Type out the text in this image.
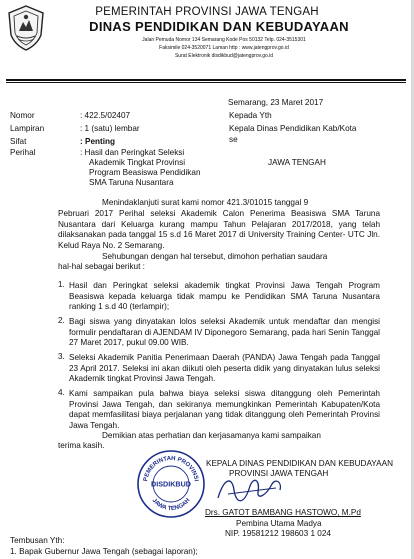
PEMERINTAH PROVINSI JAWA TENGAH
DINAS PENDIDIKAN DAN KEBUDAYAAN
Jalan Pemuda Nomor 134 Semarang Kode Pos 50132 Telp. 024-3515301
Faksimile 024-3520071 Laman http : www.jatengprov.go.id
Surat Elektronik disdikbud@jatengprov.go.id
Semarang, 23 Maret 2017
Nomor	: 422.5/02407
Lampiran	: 1 (satu) lembar
Sifat	: Penting
Perihal	: Hasil dan Peringkat Seleksi
Akademik Tingkat Provinsi
Program Beasiswa Pendidikan
SMA Taruna Nusantara
Kepada Yth
Kepala Dinas Pendidikan Kab/Kota
se
JAWA TENGAH
Menindaklanjuti surat kami nomor 421.3/01015 tanggal 9
Pebruari 2017 Perihal seleksi Akademik Calon Penerima Beasiswa SMA Taruna Nusantara dari Keluarga kurang mampu Tahun Pelajaran 2017/2018, yang telah dilaksanakan pada tanggal 15 s.d 16 Maret 2017 di University Training Center- UTC Jln. Kelud Raya No. 2 Semarang.
Sehubungan dengan hal tersebut, dimohon perhatian saudara
hal-hal sebagai berikut :
1. Hasil dan Peringkat seleksi akademik tingkat Provinsi Jawa Tengah Program Beasiswa kepada keluarga tidak mampu ke Pendidikan SMA Taruna Nusantara ranking 1 s.d 40 (terlampir);
2. Bagi siswa yang dinyatakan lolos seleksi Akademik untuk mendaftar dan mengisi formulir pendaftaran di AJENDAM IV Diponegoro Semarang, pada hari Senin Tanggal 27 Maret 2017, pukul 09.00 WIB.
3. Seleksi Akademik Panitia Penerimaan Daerah (PANDA) Jawa Tengah pada Tanggal 23 April 2017. Seleksi ini akan diikuti oleh peserta didik yang dinyatakan lulus seleksi Akademik tingkat Provinsi Jawa Tengah.
4. Kami sampaikan pula bahwa biaya seleksi siswa ditanggung oleh Pemerintah Provinsi Jawa Tengah, dan sekiranya memungkinkan Pemerintah Kabupaten/Kota dapat memfasilitasi biaya perjalanan yang tidak ditanggung oleh Pemerintah Provinsi Jawa Tengah.
Demikian atas perhatian dan kerjasamanya kami sampaikan
terima kasih.
PEMERINTAH PROVINSI
DISDIKBUD
JAWA TENGAH
KEPALA DINAS PENDIDIKAN DAN KEBUDAYAAN
PROVINSI JAWA TENGAH
Drs. GATOT BAMBANG HASTOWO, M.Pd
Pembina Utama Madya
NIP. 19581212 198603 1 024
Tembusan Yth:
1. Bapak Gubernur Jawa Tengah (sebagai laporan);
